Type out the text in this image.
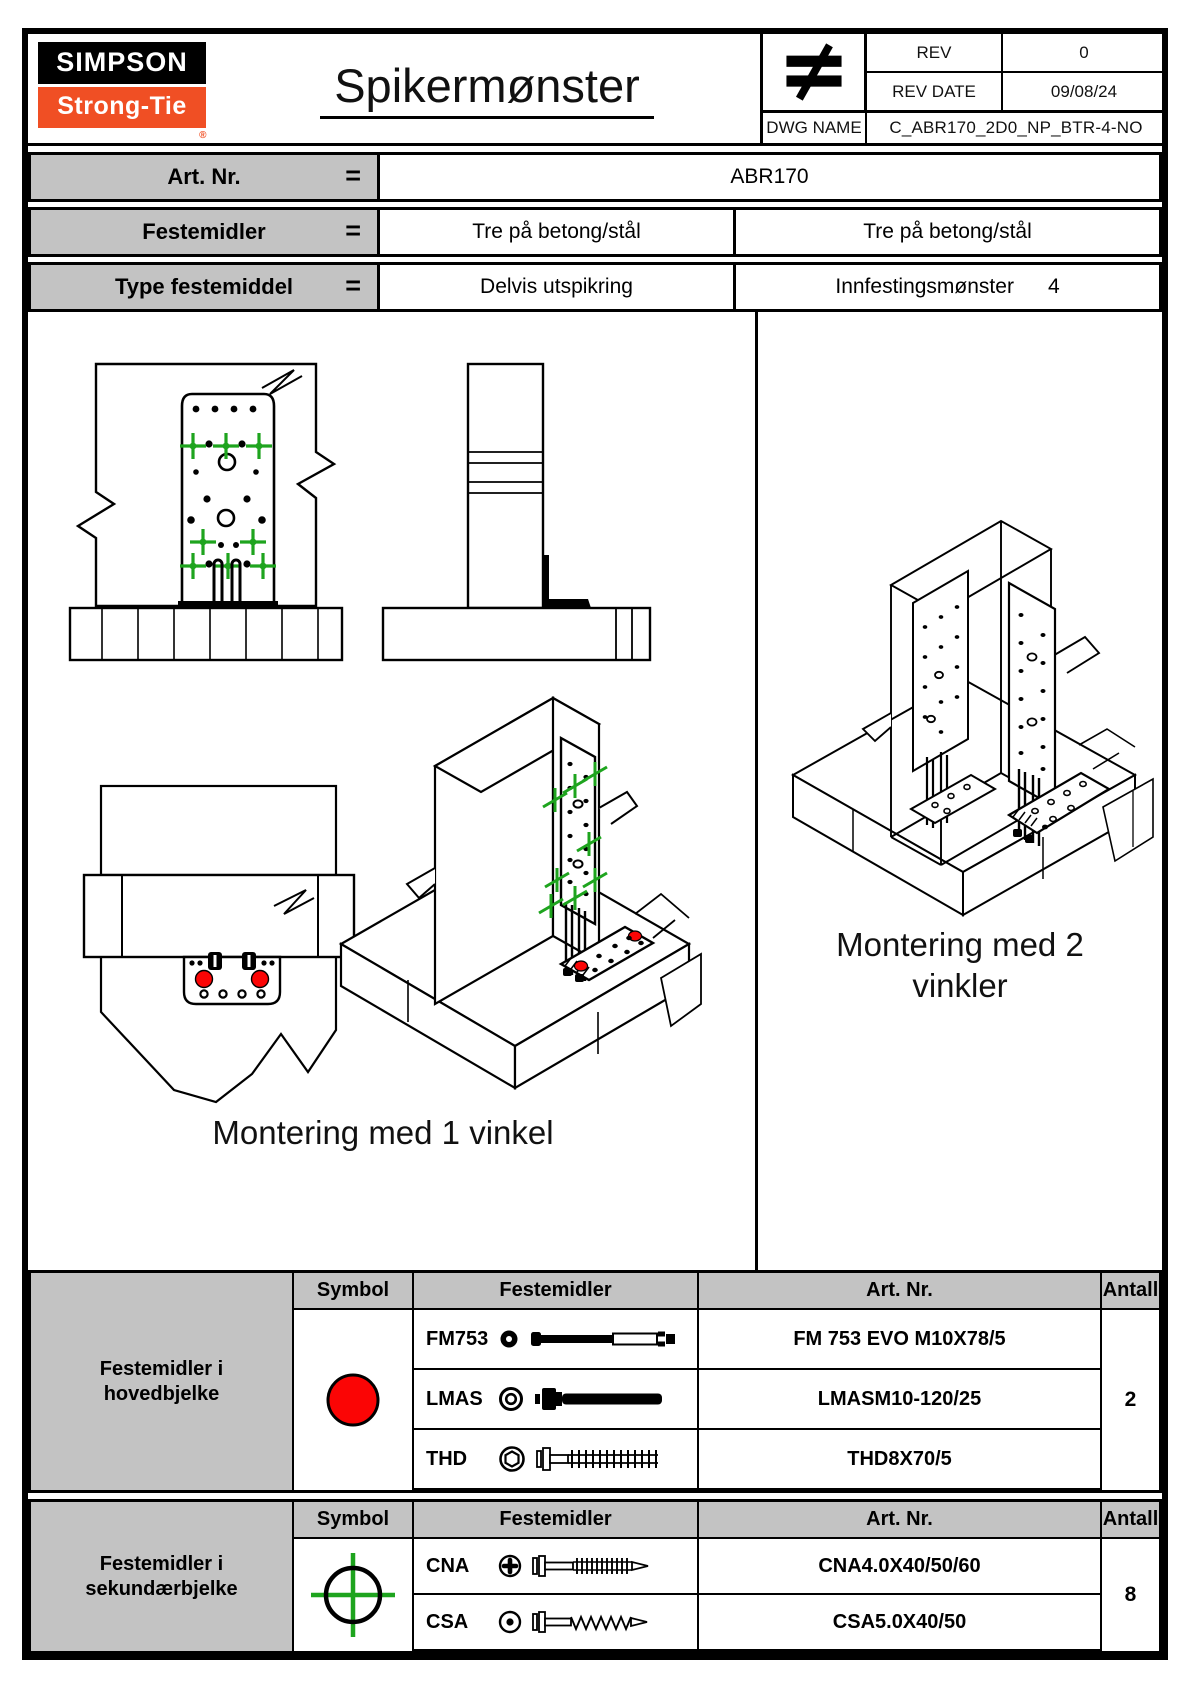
SIMPSON
Strong-Tie
®
Spikermønster
REV	0
REV DATE	09/08/24
DWG NAME	C_ABR170_2D0_NP_BTR-4-NO
Art. Nr.	=	ABR170
Festemidler	=	Tre på betong/stål	Tre på betong/stål
Type festemiddel =	Delvis utspikring	Innfestingsmønster 4
Montering med 1 vinkel
Montering med 2
vinkler
Festemidler i
hovedbjelke
Symbol	Festemidler	Art. Nr.	Antall
FM753	FM 753 EVO M10X78/5
2
LMAS	LMASM10-120/25
THD	THD8X70/5
Festemidler i
sekundærbjelke
Symbol	Festemidler	Art. Nr.	Antall
CNA	CNA4.0X40/50/60
8
CSA	CSA5.0X40/50
